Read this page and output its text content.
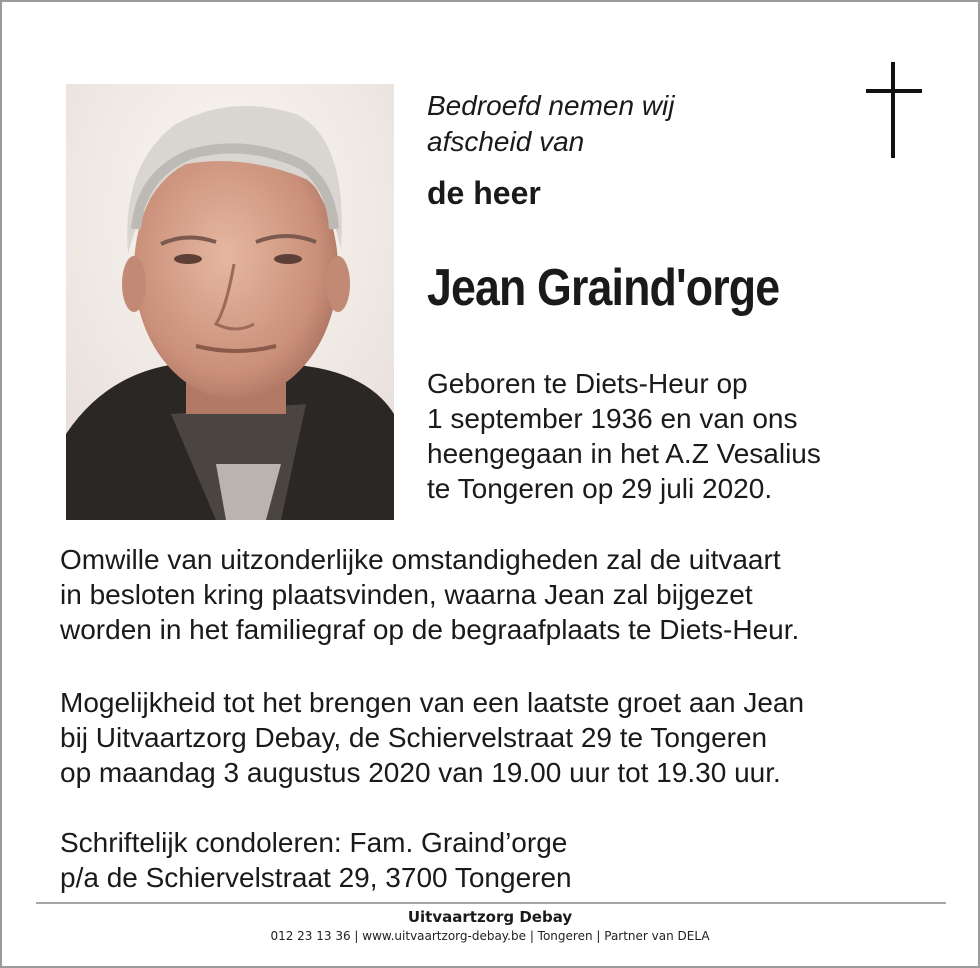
Bedroefd nemen wij
afscheid van
de heer
Jean Graind'orge
Geboren te Diets-Heur op
1 september 1936 en van ons
heengegaan in het A.Z Vesalius
te Tongeren op 29 juli 2020.
Omwille van uitzonderlijke omstandigheden zal de uitvaart
in besloten kring plaatsvinden, waarna Jean zal bijgezet
worden in het familiegraf op de begraafplaats te Diets-Heur.
Mogelijkheid tot het brengen van een laatste groet aan Jean
bij Uitvaartzorg Debay, de Schiervelstraat 29 te Tongeren
op maandag 3 augustus 2020 van 19.00 uur tot 19.30 uur.
Schriftelijk condoleren: Fam. Graind’orge
p/a de Schiervelstraat 29, 3700 Tongeren
Uitvaartzorg Debay
012 23 13 36 | www.uitvaartzorg-debay.be | Tongeren | Partner van DELA
